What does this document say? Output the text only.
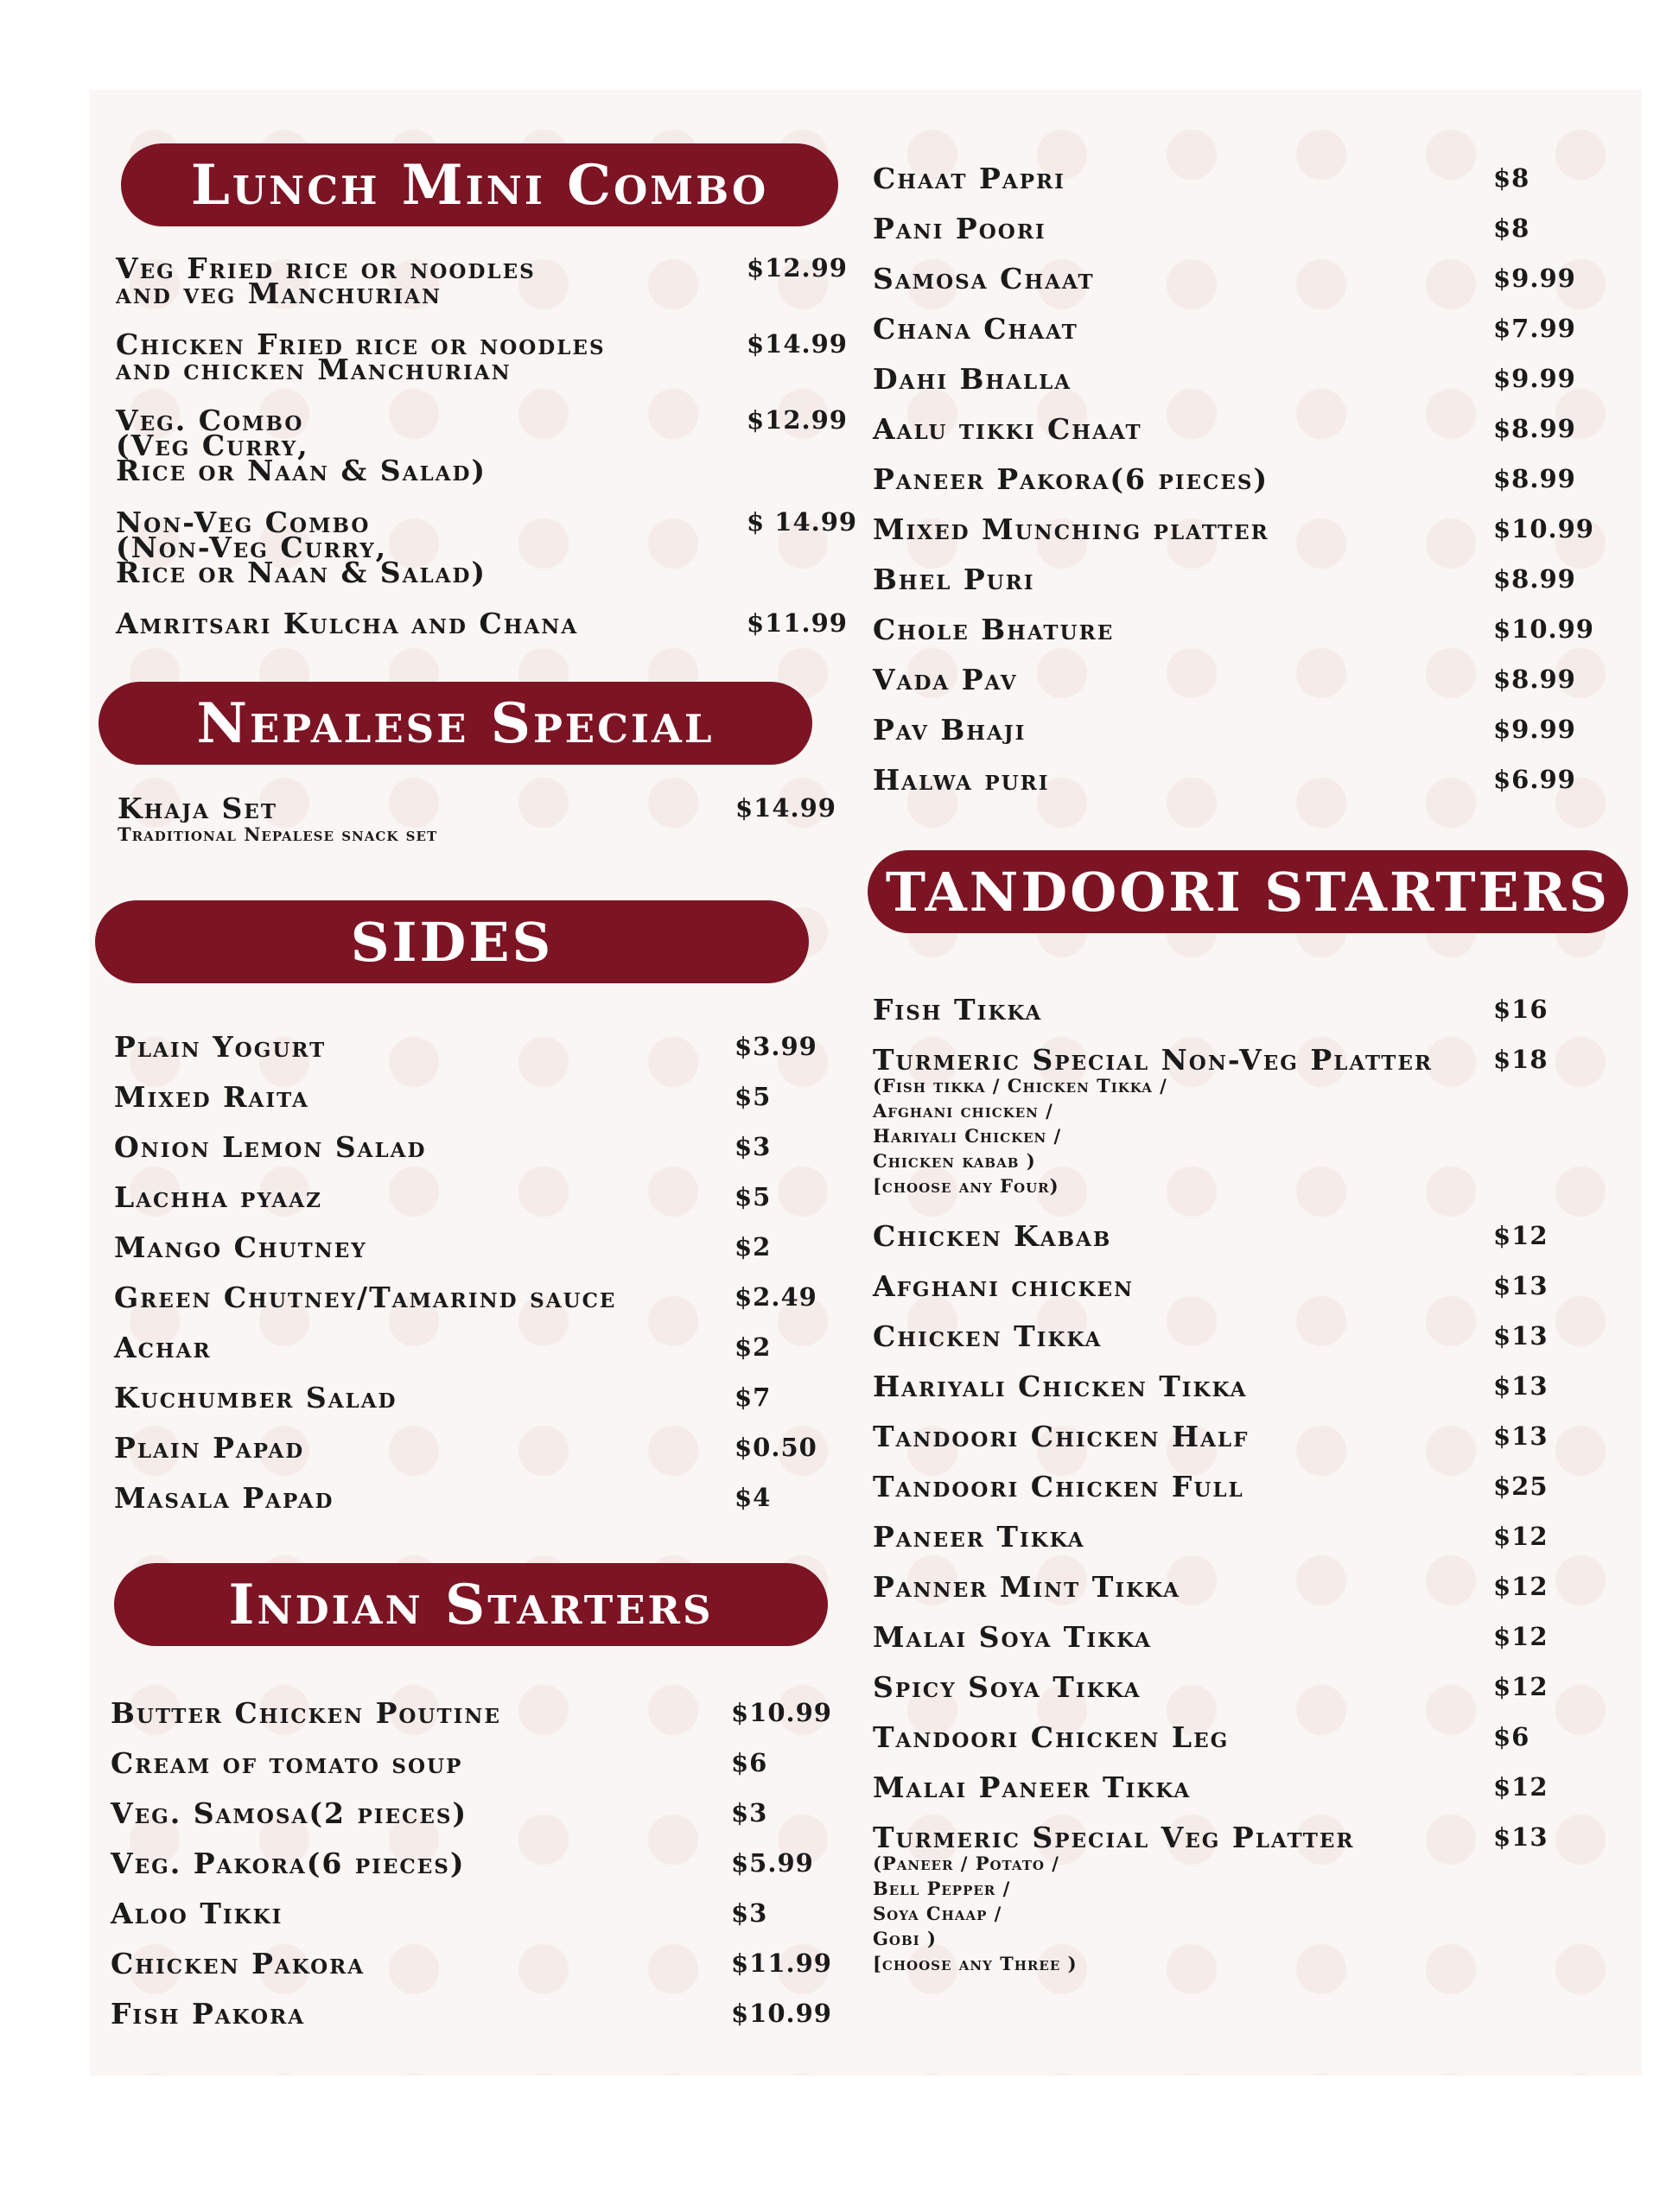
Lunch Mini Combo
Veg Fried rice or noodles
and veg Manchurian
$12.99
Chicken Fried rice or noodles
and chicken Manchurian
$14.99
Veg. Combo
(Veg Curry,
Rice or Naan & Salad)
$12.99
Non-Veg Combo
(Non-Veg Curry,
Rice or Naan & Salad)
$ 14.99
Amritsari Kulcha and Chana	$11.99
Nepalese Special
Khaja Set	$14.99
Traditional Nepalese snack set
SIDES
Plain Yogurt	$3.99
Mixed Raita	$5
Onion Lemon Salad	$3
Lachha pyaaz	$5
Mango Chutney	$2
Green Chutney/Tamarind sauce	$2.49
Achar	$2
Kuchumber Salad	$7
Plain Papad	$0.50
Masala Papad	$4
Indian Starters
Butter Chicken Poutine	$10.99
Cream of tomato soup	$6
Veg. Samosa(2 pieces)	$3
Veg. Pakora(6 pieces)	$5.99
Aloo Tikki	$3
Chicken Pakora	$11.99
Fish Pakora	$10.99
Chaat Papri	$8
Pani Poori	$8
Samosa Chaat	$9.99
Chana Chaat	$7.99
Dahi Bhalla	$9.99
Aalu tikki Chaat	$8.99
Paneer Pakora(6 pieces)	$8.99
Mixed Munching platter	$10.99
Bhel Puri	$8.99
Chole Bhature	$10.99
Vada Pav	$8.99
Pav Bhaji	$9.99
Halwa puri	$6.99
TANDOORI STARTERS
Fish Tikka	$16
Turmeric Special Non-Veg Platter $18
(Fish tikka / Chicken Tikka /
Afghani chicken /
Hariyali Chicken /
Chicken kabab )
[choose any Four)
Chicken Kabab	$12
Afghani chicken	$13
Chicken Tikka	$13
Hariyali Chicken Tikka	$13
Tandoori Chicken Half	$13
Tandoori Chicken Full	$25
Paneer Tikka	$12
Panner Mint Tikka	$12
Malai Soya Tikka	$12
Spicy Soya Tikka	$12
Tandoori Chicken Leg	$6
Malai Paneer Tikka	$12
Turmeric Special Veg Platter	$13
(Paneer / Potato /
Bell Pepper /
Soya Chaap /
Gobi )
[choose any Three )
